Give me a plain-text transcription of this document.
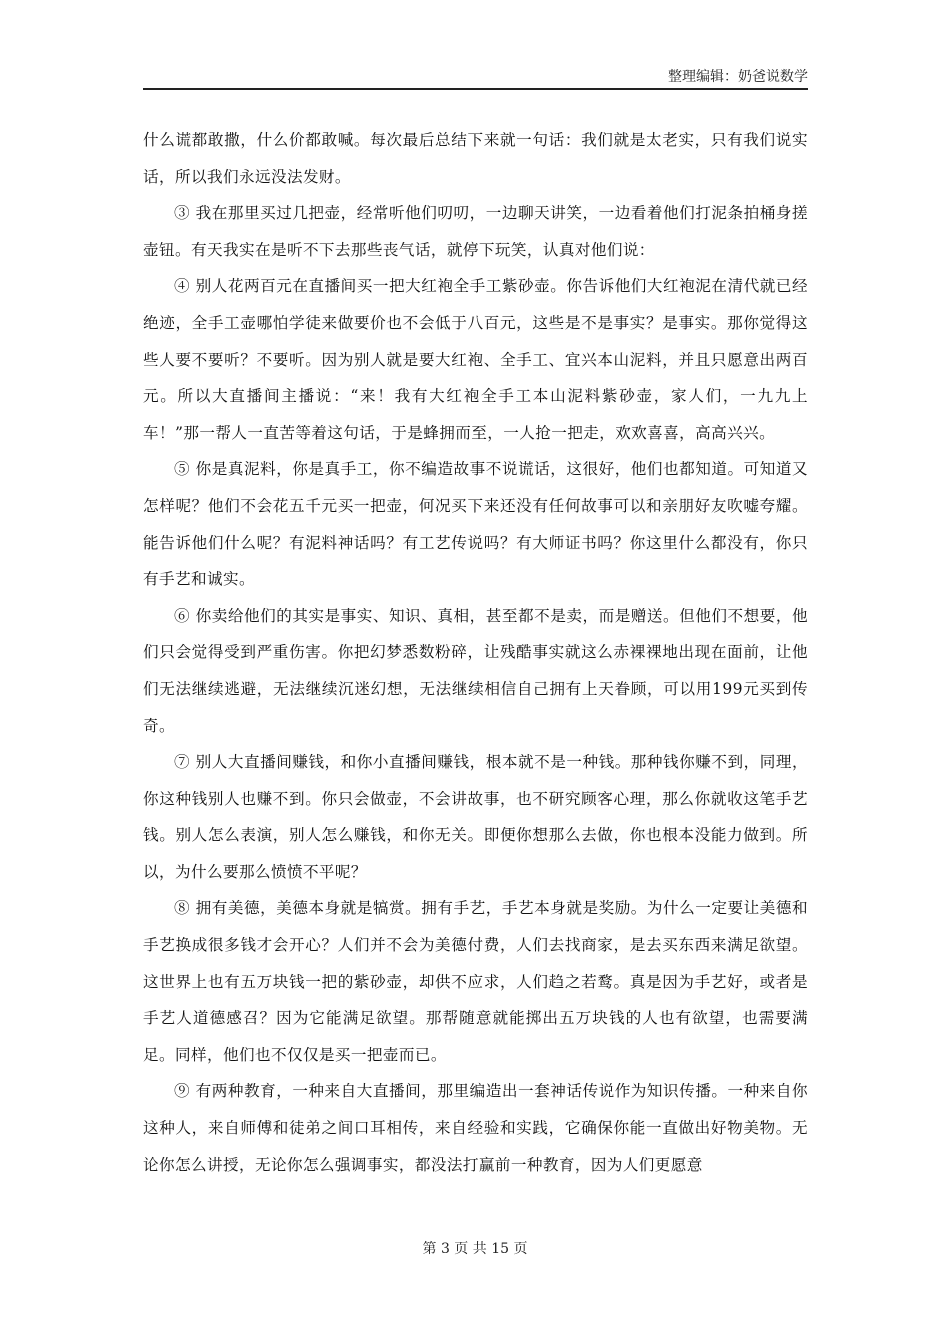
整理编辑：奶爸说数学

什么谎都敢撒，什么价都敢喊。每次最后总结下来就一句话：我们就是太老实，只有我们说实话，所以我们永远没法发财。

③ 我在那里买过几把壶，经常听他们叨叨，一边聊天讲笑，一边看着他们打泥条拍桶身搓壶钮。有天我实在是听不下去那些丧气话，就停下玩笑，认真对他们说：

④ 别人花两百元在直播间买一把大红袍全手工紫砂壶。你告诉他们大红袍泥在清代就已经绝迹，全手工壶哪怕学徒来做要价也不会低于八百元，这些是不是事实？是事实。那你觉得这些人要不要听？不要听。因为别人就是要大红袍、全手工、宜兴本山泥料，并且只愿意出两百元。所以大直播间主播说：“来！我有大红袍全手工本山泥料紫砂壶，家人们，一九九上车！”那一帮人一直苦等着这句话，于是蜂拥而至，一人抢一把走，欢欢喜喜，高高兴兴。

⑤ 你是真泥料，你是真手工，你不编造故事不说谎话，这很好，他们也都知道。可知道又怎样呢？他们不会花五千元买一把壶，何况买下来还没有任何故事可以和亲朋好友吹嘘夸耀。能告诉他们什么呢？有泥料神话吗？有工艺传说吗？有大师证书吗？你这里什么都没有，你只有手艺和诚实。

⑥ 你卖给他们的其实是事实、知识、真相，甚至都不是卖，而是赠送。但他们不想要，他们只会觉得受到严重伤害。你把幻梦悉数粉碎，让残酷事实就这么赤裸裸地出现在面前，让他们无法继续逃避，无法继续沉迷幻想，无法继续相信自己拥有上天眷顾，可以用199元买到传奇。

⑦ 别人大直播间赚钱，和你小直播间赚钱，根本就不是一种钱。那种钱你赚不到，同理，你这种钱别人也赚不到。你只会做壶，不会讲故事，也不研究顾客心理，那么你就收这笔手艺钱。别人怎么表演，别人怎么赚钱，和你无关。即便你想那么去做，你也根本没能力做到。所以，为什么要那么愤愤不平呢？

⑧ 拥有美德，美德本身就是犒赏。拥有手艺，手艺本身就是奖励。为什么一定要让美德和手艺换成很多钱才会开心？人们并不会为美德付费，人们去找商家，是去买东西来满足欲望。这世界上也有五万块钱一把的紫砂壶，却供不应求，人们趋之若鹜。真是因为手艺好，或者是手艺人道德感召？因为它能满足欲望。那帮随意就能掷出五万块钱的人也有欲望，也需要满足。同样，他们也不仅仅是买一把壶而已。

⑨ 有两种教育，一种来自大直播间，那里编造出一套神话传说作为知识传播。一种来自你这种人，来自师傅和徒弟之间口耳相传，来自经验和实践，它确保你能一直做出好物美物。无论你怎么讲授，无论你怎么强调事实，都没法打赢前一种教育，因为人们更愿意

第 3 页 共 15 页
